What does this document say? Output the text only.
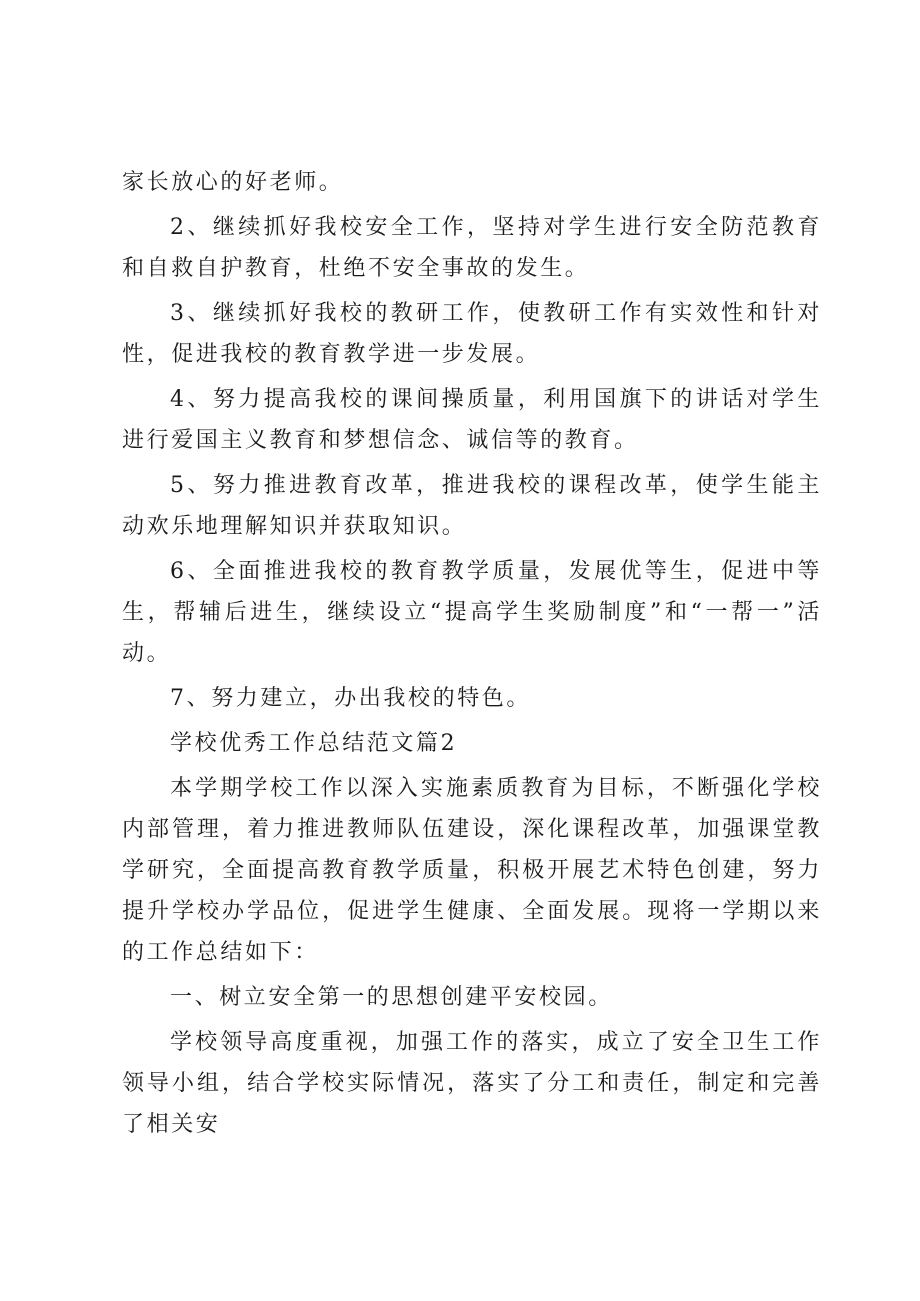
家长放心的好老师。

2、继续抓好我校安全工作，坚持对学生进行安全防范教育和自救自护教育，杜绝不安全事故的发生。

3、继续抓好我校的教研工作，使教研工作有实效性和针对性，促进我校的教育教学进一步发展。

4、努力提高我校的课间操质量，利用国旗下的讲话对学生进行爱国主义教育和梦想信念、诚信等的教育。

5、努力推进教育改革，推进我校的课程改革，使学生能主动欢乐地理解知识并获取知识。

6、全面推进我校的教育教学质量，发展优等生，促进中等生，帮辅后进生，继续设立“提高学生奖励制度”和“一帮一”活动。

7、努力建立，办出我校的特色。

学校优秀工作总结范文篇2

本学期学校工作以深入实施素质教育为目标，不断强化学校内部管理，着力推进教师队伍建设，深化课程改革，加强课堂教学研究，全面提高教育教学质量，积极开展艺术特色创建，努力提升学校办学品位，促进学生健康、全面发展。现将一学期以来的工作总结如下：

一、树立安全第一的思想创建平安校园。

学校领导高度重视，加强工作的落实，成立了安全卫生工作领导小组，结合学校实际情况，落实了分工和责任，制定和完善了相关安
